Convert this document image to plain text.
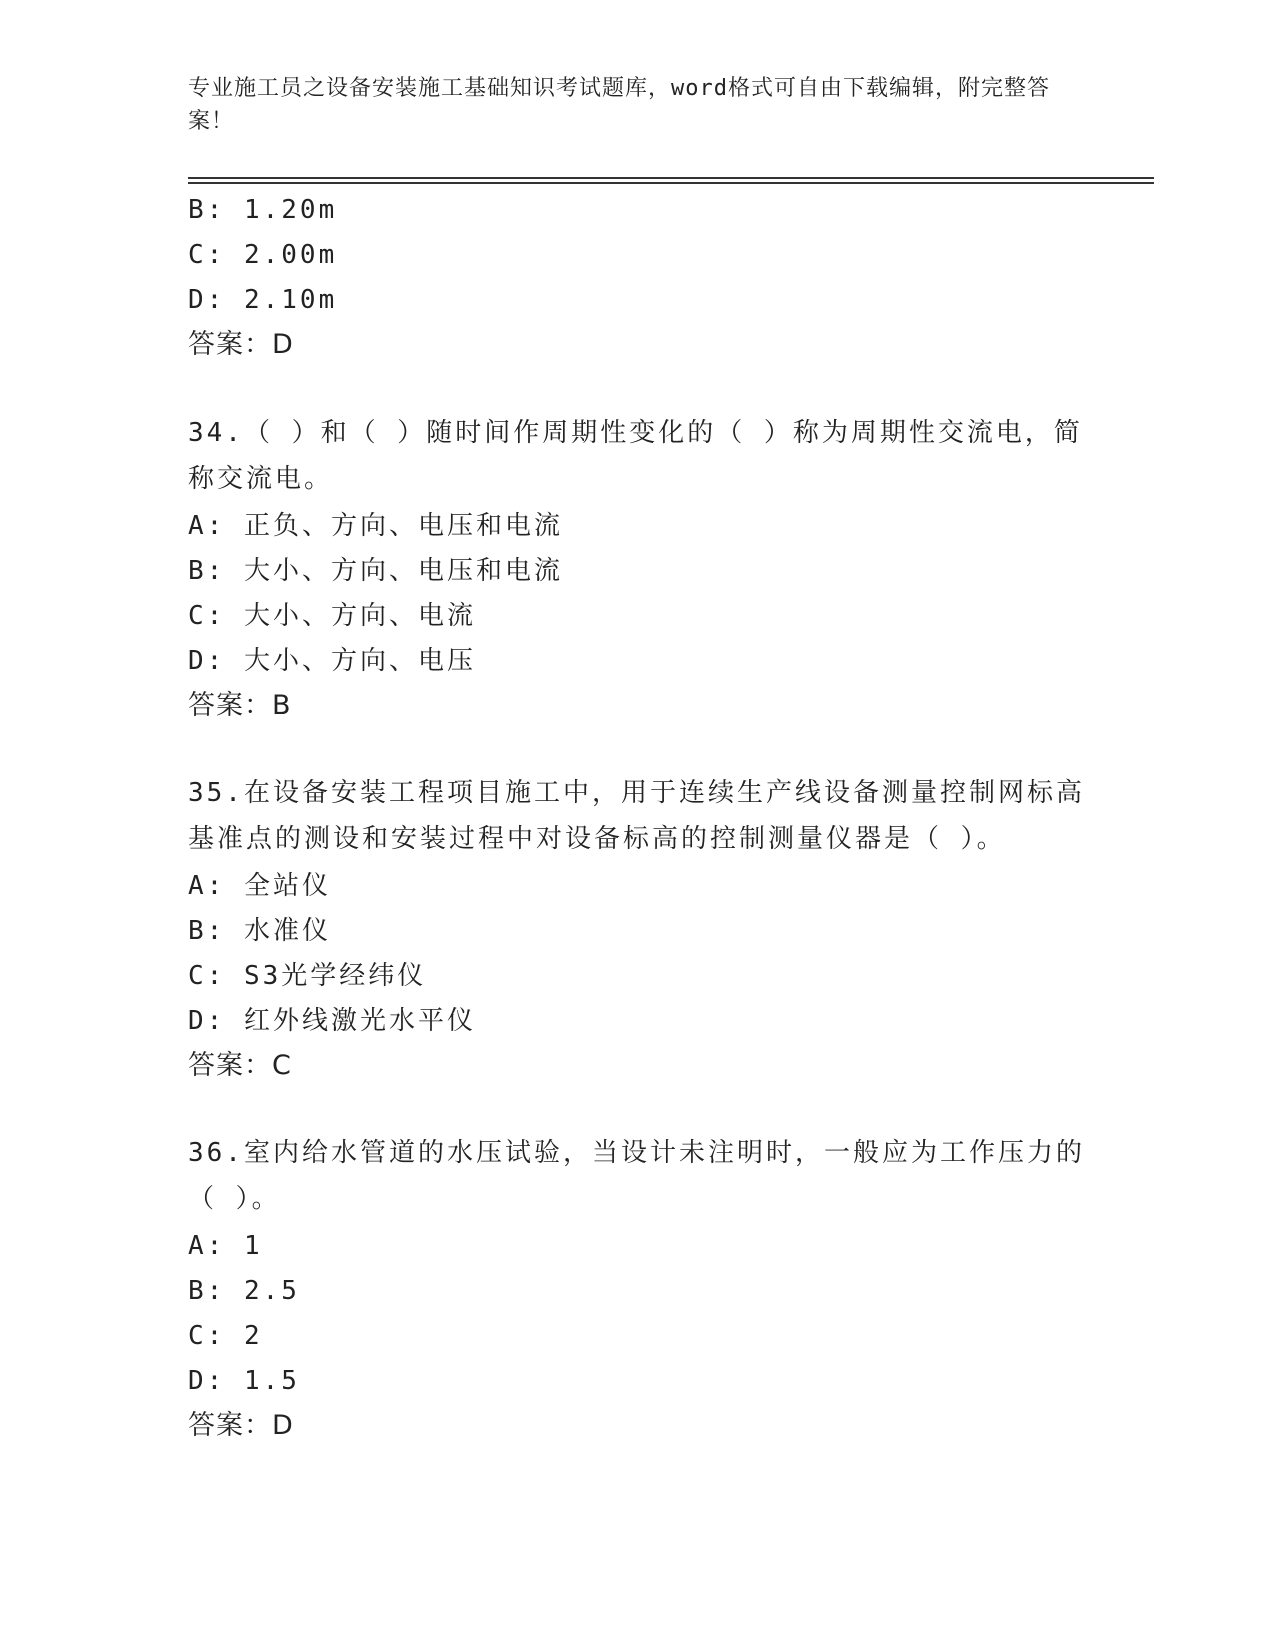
专业施工员之设备安装施工基础知识考试题库，word格式可自由下载编辑，附完整答案！
B: 1.20m
C: 2.00m
D: 2.10m
答案：D
34.（ ）和（ ）随时间作周期性变化的（ ）称为周期性交流电，简称交流电。
A: 正负、方向、电压和电流
B: 大小、方向、电压和电流
C: 大小、方向、电流
D: 大小、方向、电压
答案：B
35.在设备安装工程项目施工中，用于连续生产线设备测量控制网标高基准点的测设和安装过程中对设备标高的控制测量仪器是（ ）。
A: 全站仪
B: 水准仪
C: S3光学经纬仪
D: 红外线激光水平仪
答案：C
36.室内给水管道的水压试验，当设计未注明时，一般应为工作压力的（ ）。
A: 1
B: 2.5
C: 2
D: 1.5
答案：D
